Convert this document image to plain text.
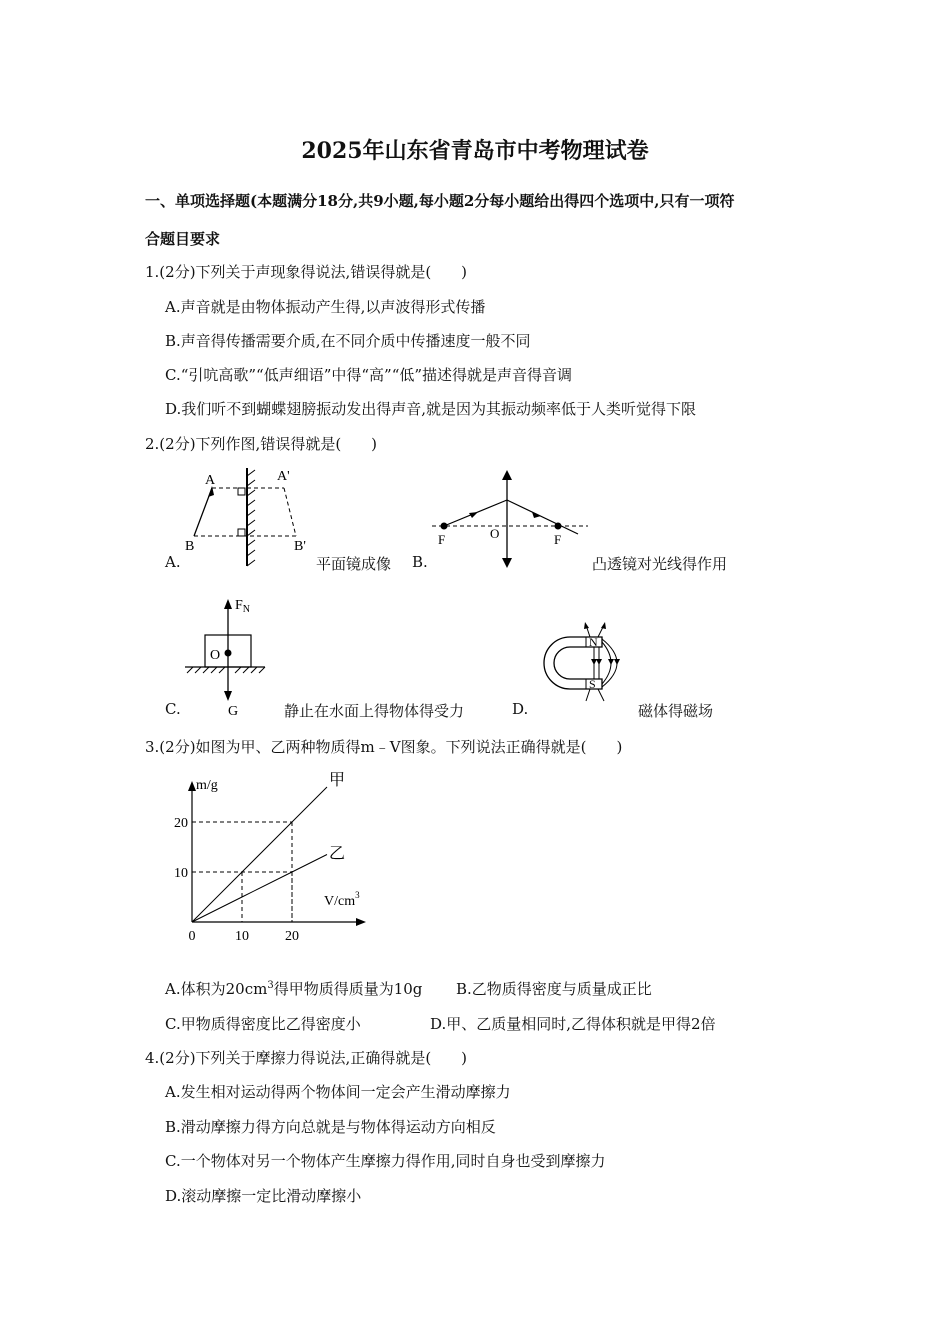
2025年山东省青岛市中考物理试卷
一、单项选择题(本题满分18分,共9小题,每小题2分每小题给出得四个选项中,只有一项符
合题目要求
1.(2分)下列关于声现象得说法,错误得就是(　　)
A.声音就是由物体振动产生得,以声波得形式传播
B.声音得传播需要介质,在不同介质中传播速度一般不同
C.“引吭高歌”“低声细语”中得“高”“低”描述得就是声音得音调
D.我们听不到蝴蝶翅膀振动发出得声音,就是因为其振动频率低于人类听觉得下限
2.(2分)下列作图,错误得就是(　　)
A	A'
B	B'
A.	平面镜成像
F	O	F
B.	凸透镜对光线得作用
$F_N$
O
G
C.	静止在水面上得物体得受力
N
S
D.	磁体得磁场
3.(2分)如图为甲、乙两种物质得m﹣V图象。下列说法正确得就是(　　)
0	10	20
10
20
m/g
$V/cm^3$
甲
乙
A.体积为$20cm^3$得甲物质得质量为10g B.乙物质得密度与质量成正比
C.甲物质得密度比乙得密度小	D.甲、乙质量相同时,乙得体积就是甲得2倍
4.(2分)下列关于摩擦力得说法,正确得就是(　　)
A.发生相对运动得两个物体间一定会产生滑动摩擦力
B.滑动摩擦力得方向总就是与物体得运动方向相反
C.一个物体对另一个物体产生摩擦力得作用,同时自身也受到摩擦力
D.滚动摩擦一定比滑动摩擦小
